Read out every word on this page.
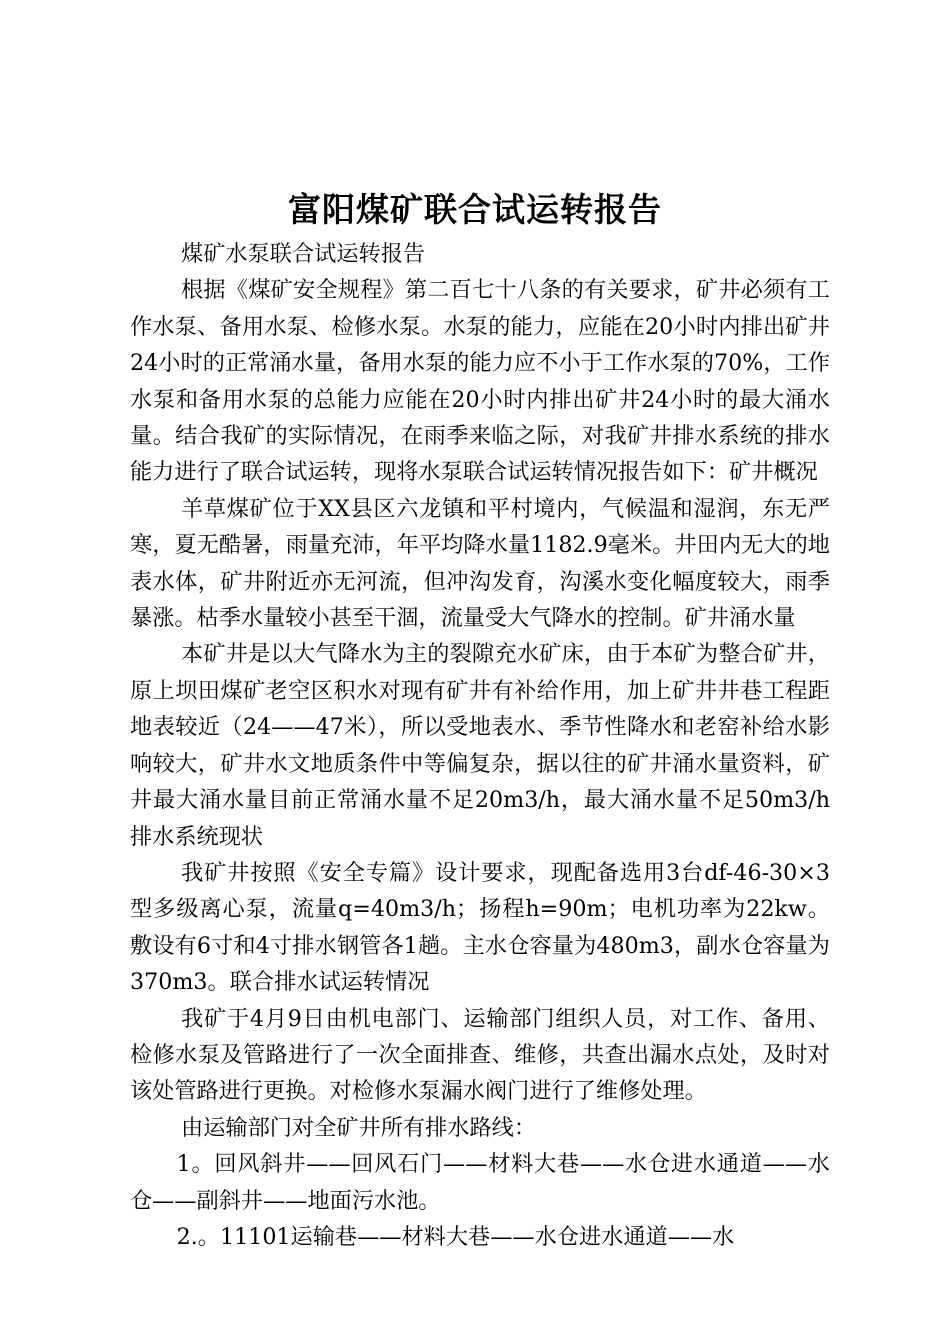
富阳煤矿联合试运转报告

煤矿水泵联合试运转报告

根据《煤矿安全规程》第二百七十八条的有关要求，矿井必须有工作水泵、备用水泵、检修水泵。水泵的能力，应能在20小时内排出矿井24小时的正常涌水量，备用水泵的能力应不小于工作水泵的70%，工作水泵和备用水泵的总能力应能在20小时内排出矿井24小时的最大涌水量。结合我矿的实际情况，在雨季来临之际，对我矿井排水系统的排水能力进行了联合试运转，现将水泵联合试运转情况报告如下：矿井概况

羊草煤矿位于XX县区六龙镇和平村境内，气候温和湿润，东无严寒，夏无酷暑，雨量充沛，年平均降水量1182.9毫米。井田内无大的地表水体，矿井附近亦无河流，但冲沟发育，沟溪水变化幅度较大，雨季暴涨。枯季水量较小甚至干涸，流量受大气降水的控制。矿井涌水量

本矿井是以大气降水为主的裂隙充水矿床，由于本矿为整合矿井，原上坝田煤矿老空区积水对现有矿井有补给作用，加上矿井井巷工程距地表较近（24——47米），所以受地表水、季节性降水和老窑补给水影响较大，矿井水文地质条件中等偏复杂，据以往的矿井涌水量资料，矿井最大涌水量目前正常涌水量不足20m3/h，最大涌水量不足50m3/h排水系统现状

我矿井按照《安全专篇》设计要求，现配备选用3台df-46-30×3型多级离心泵，流量q=40m3/h；扬程h=90m；电机功率为22kw。敷设有6寸和4寸排水钢管各1趟。主水仓容量为480m3，副水仓容量为370m3。联合排水试运转情况

我矿于4月9日由机电部门、运输部门组织人员，对工作、备用、检修水泵及管路进行了一次全面排查、维修，共查出漏水点处，及时对该处管路进行更换。对检修水泵漏水阀门进行了维修处理。

由运输部门对全矿井所有排水路线：

1。回风斜井——回风石门——材料大巷——水仓进水通道——水仓——副斜井——地面污水池。

2.。11101运输巷——材料大巷——水仓进水通道——水
